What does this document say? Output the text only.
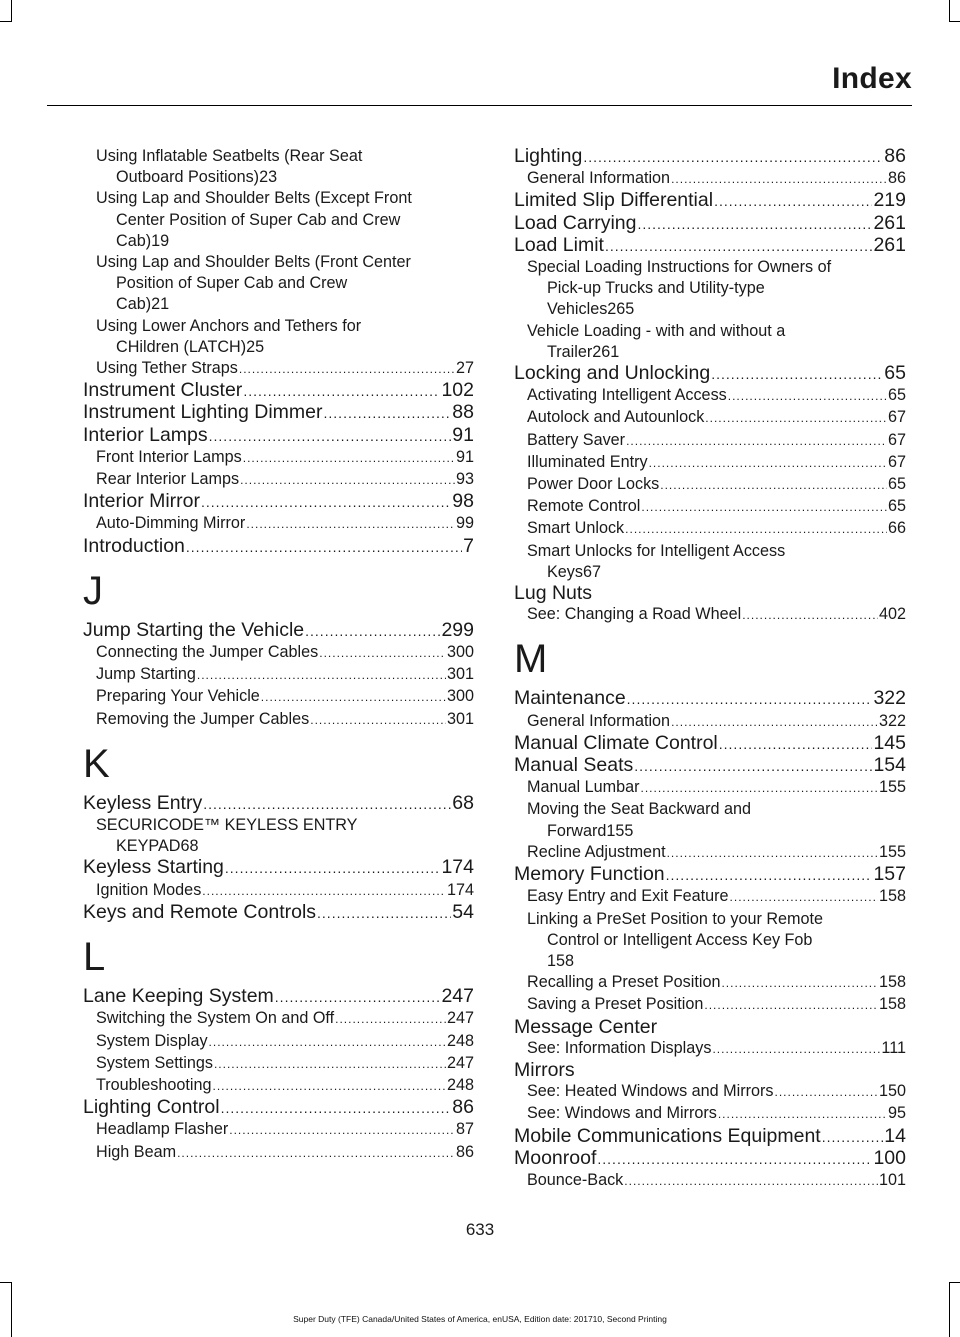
Index
Using Inflatable Seatbelts (Rear Seat
Outboard Positions) 23
Using Lap and Shoulder Belts (Except Front
Center Position of Super Cab and Crew
Cab) 19
Using Lap and Shoulder Belts (Front Center
Position of Super Cab and Crew
Cab) 21
Using Lower Anchors and Tethers for
CHildren (LATCH) 25
Using Tether Straps .....	27
Instrument Cluster .....	102
Instrument Lighting Dimmer .....	88
Interior Lamps .....	91
Front Interior Lamps .....	91
Rear Interior Lamps .....	93
Interior Mirror .....	98
Auto-Dimming Mirror .....	99
Introduction .....	7
J
Jump Starting the Vehicle .....	299
Connecting the Jumper Cables .....	300
Jump Starting .....	301
Preparing Your Vehicle .....	300
Removing the Jumper Cables .....	301
K
Keyless Entry .....	68
SECURICODE™ KEYLESS ENTRY
KEYPAD 68
Keyless Starting .....	174
Ignition Modes .....	174
Keys and Remote Controls .....	54
L
Lane Keeping System .....	247
Switching the System On and Off .....	247
System Display .....	248
System Settings .....	247
Troubleshooting .....	248
Lighting Control .....	86
Headlamp Flasher .....	87
High Beam .....	86
Lighting .....	86
General Information .....	86
Limited Slip Differential .....	219
Load Carrying .....	261
Load Limit .....	261
Special Loading Instructions for Owners of
Pick-up Trucks and Utility-type
Vehicles 265
Vehicle Loading - with and without a
Trailer 261
Locking and Unlocking .....	65
Activating Intelligent Access .....	65
Autolock and Autounlock .....	67
Battery Saver .....	67
Illuminated Entry .....	67
Power Door Locks .....	65
Remote Control .....	65
Smart Unlock .....	66
Smart Unlocks for Intelligent Access
Keys 67
Lug Nuts
See: Changing a Road Wheel .....	402
M
Maintenance .....	322
General Information .....	322
Manual Climate Control .....	145
Manual Seats .....	154
Manual Lumbar .....	155
Moving the Seat Backward and
Forward 155
Recline Adjustment .....	155
Memory Function .....	157
Easy Entry and Exit Feature .....	158
Linking a PreSet Position to your Remote
Control or Intelligent Access Key Fob
158
Recalling a Preset Position .....	158
Saving a Preset Position .....	158
Message Center
See: Information Displays .....	111
Mirrors
See: Heated Windows and Mirrors .....	150
See: Windows and Mirrors .....	95
Mobile Communications Equipment .....	14
Moonroof .....	100
Bounce-Back .....	101
633
Super Duty (TFE) Canada/United States of America, enUSA, Edition date: 201710, Second Printing
